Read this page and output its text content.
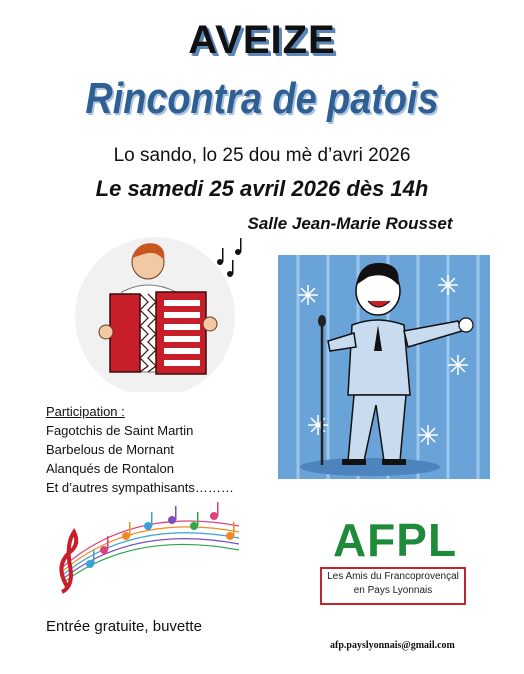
AVEIZE
Rincontra de patois
Lo sando, lo 25 dou mè d’avri 2026
Le samedi 25 avril 2026 dès 14h
Salle Jean-Marie Rousset
Participation :
Fagotchis de Saint Martin
Barbelous de Mornant
Alanqués de Rontalon
Et d’autres sympathisants………
AFPL
Les Amis du Francoprovençal
en Pays Lyonnais
Entrée gratuite, buvette
afp.payslyonnais@gmail.com
